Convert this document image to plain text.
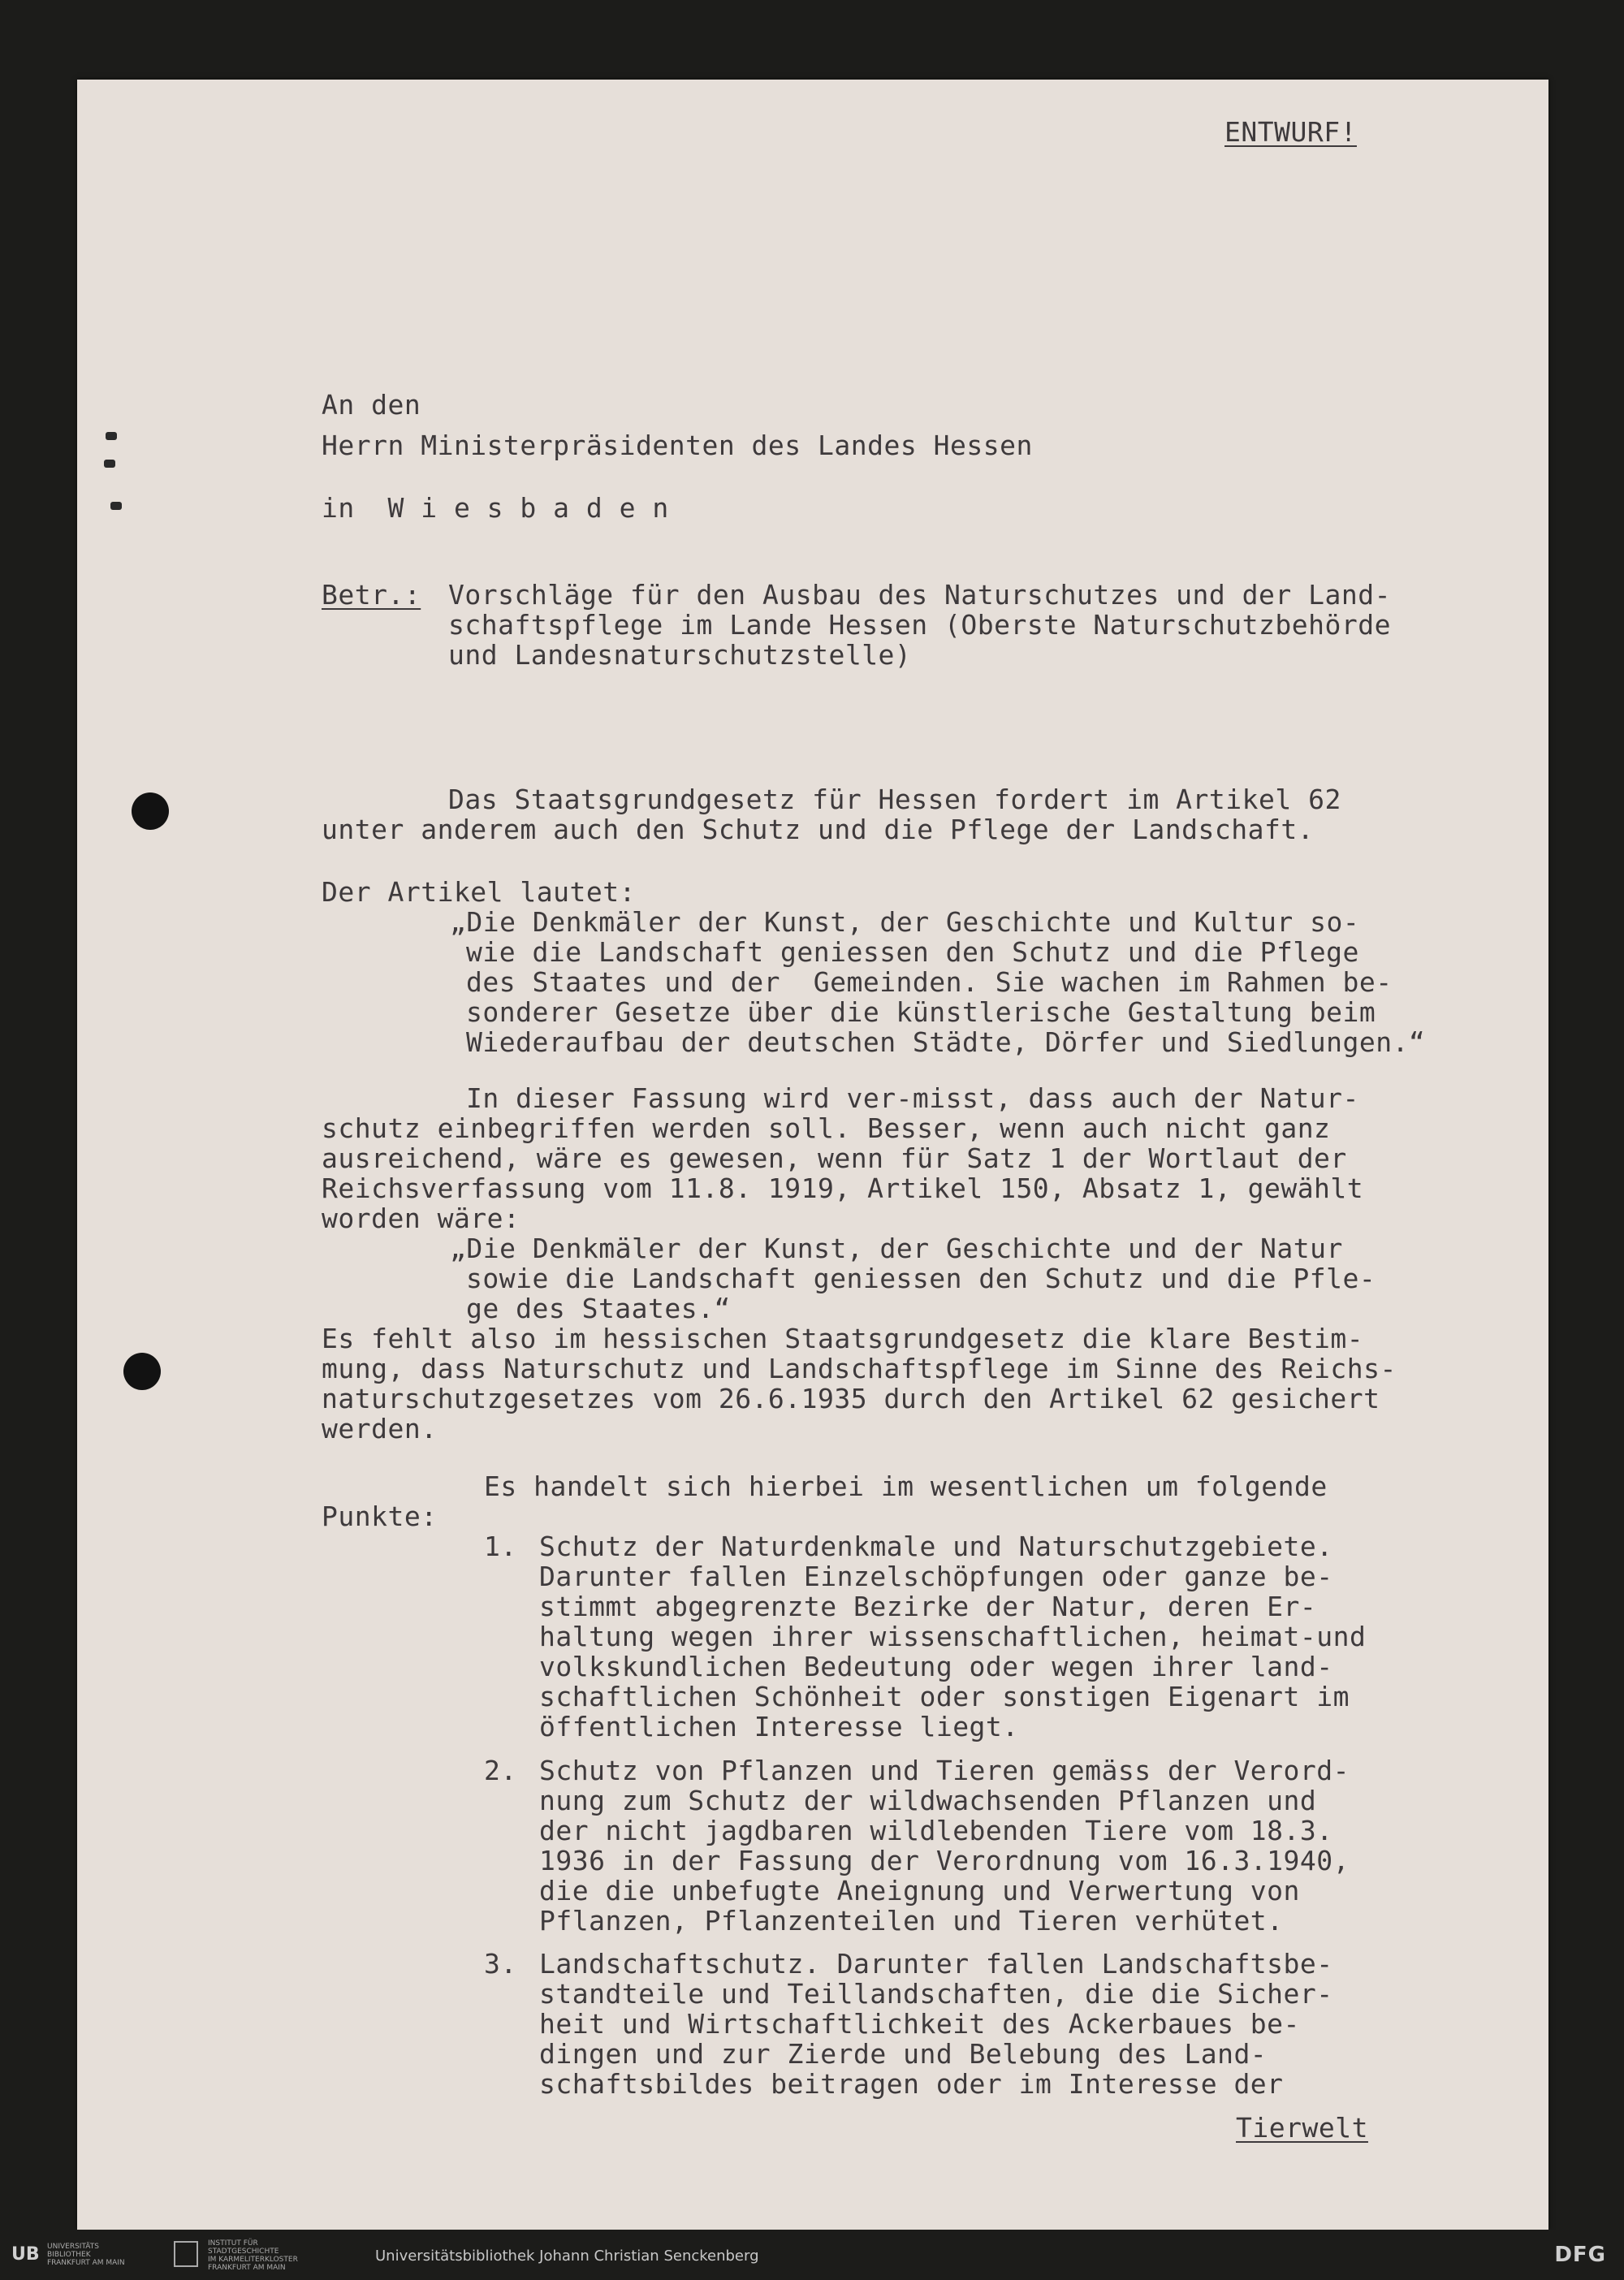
ENTWURF!
An den
Herrn Ministerpräsidenten des Landes Hessen
in  W i e s b a d e n
Betr.: Vorschläge für den Ausbau des Naturschutzes und der Land-
schaftspflege im Lande Hessen (Oberste Naturschutzbehörde
und Landesnaturschutzstelle)
Das Staatsgrundgesetz für Hessen fordert im Artikel 62
unter anderem auch den Schutz und die Pflege der Landschaft.
Der Artikel lautet:
„Die Denkmäler der Kunst, der Geschichte und Kultur so-
wie die Landschaft geniessen den Schutz und die Pflege
des Staates und der  Gemeinden. Sie wachen im Rahmen be-
sonderer Gesetze über die künstlerische Gestaltung beim
Wiederaufbau der deutschen Städte, Dörfer und Siedlungen.“
In dieser Fassung wird ver-misst, dass auch der Natur-
schutz einbegriffen werden soll. Besser, wenn auch nicht ganz
ausreichend, wäre es gewesen, wenn für Satz 1 der Wortlaut der
Reichsverfassung vom 11.8. 1919, Artikel 150, Absatz 1, gewählt
worden wäre:
„Die Denkmäler der Kunst, der Geschichte und der Natur
sowie die Landschaft geniessen den Schutz und die Pfle-
ge des Staates.“
Es fehlt also im hessischen Staatsgrundgesetz die klare Bestim-
mung, dass Naturschutz und Landschaftspflege im Sinne des Reichs-
naturschutzgesetzes vom 26.6.1935 durch den Artikel 62 gesichert
werden.
Es handelt sich hierbei im wesentlichen um folgende
Punkte:
1. Schutz der Naturdenkmale und Naturschutzgebiete.
Darunter fallen Einzelschöpfungen oder ganze be-
stimmt abgegrenzte Bezirke der Natur, deren Er-
haltung wegen ihrer wissenschaftlichen, heimat-und
volkskundlichen Bedeutung oder wegen ihrer land-
schaftlichen Schönheit oder sonstigen Eigenart im
öffentlichen Interesse liegt.
2. Schutz von Pflanzen und Tieren gemäss der Verord-
nung zum Schutz der wildwachsenden Pflanzen und
der nicht jagdbaren wildlebenden Tiere vom 18.3.
1936 in der Fassung der Verordnung vom 16.3.1940,
die die unbefugte Aneignung und Verwertung von
Pflanzen, Pflanzenteilen und Tieren verhütet.
3. Landschaftschutz. Darunter fallen Landschaftsbe-
standteile und Teillandschaften, die die Sicher-
heit und Wirtschaftlichkeit des Ackerbaues be-
dingen und zur Zierde und Belebung des Land-
schaftsbildes beitragen oder im Interesse der
Tierwelt
UB UNIVERSITÄTS
BIBLIOTHEK
FRANKFURT AM MAIN
INSTITUT FÜR
STADTGESCHICHTE
IM KARMELITERKLOSTER
FRANKFURT AM MAIN
Universitätsbibliothek Johann Christian Senckenberg	DFG
